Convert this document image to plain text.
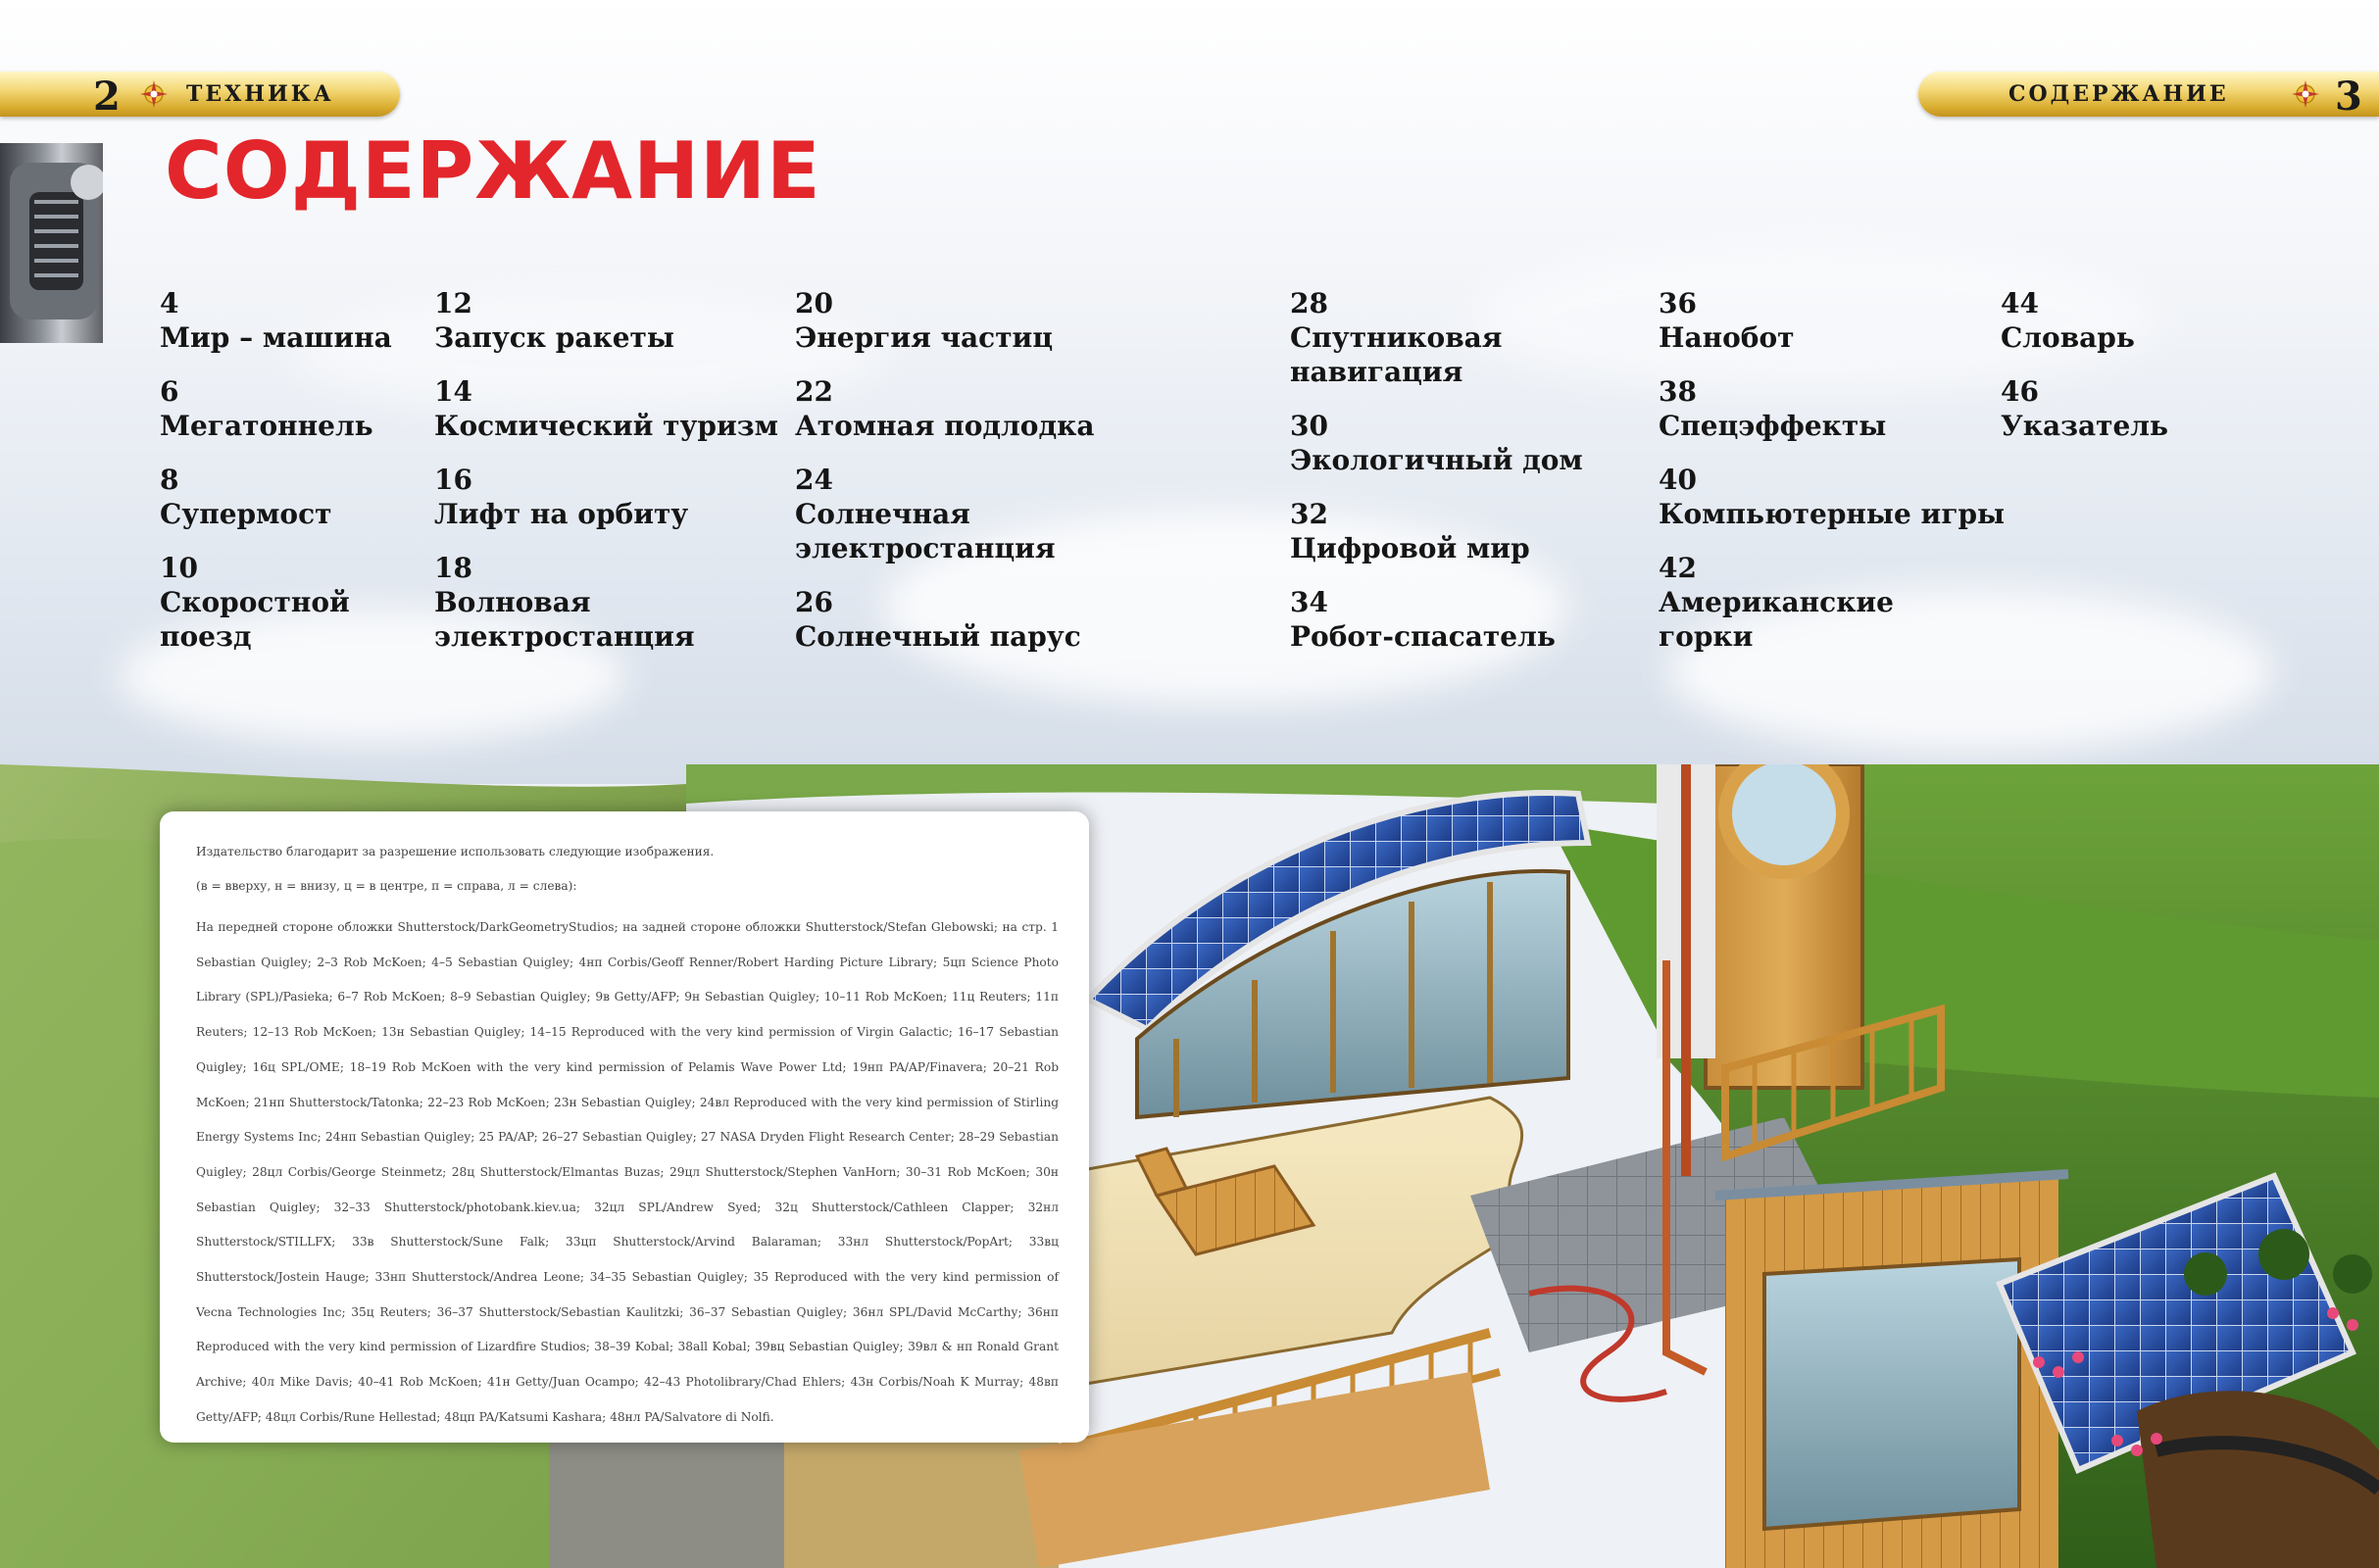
2	ТЕХНИКА	СОДЕРЖАНИЕ	3
СОДЕРЖАНИЕ
4
Мир – машина
6
Мегатоннель
8
Супермост
10
Скоростной
поезд
12
Запуск ракеты
14
Космический туризм
16
Лифт на орбиту
18
Волновая
электростанция
20
Энергия частиц
22
Атомная подлодка
24
Солнечная
электростанция
26
Солнечный парус
28
Спутниковая
навигация
30
Экологичный дом
32
Цифровой мир
34
Робот-спасатель
36
Нанобот
38
Спецэффекты
40
Компьютерные игры
42
Американские
горки
44
Словарь
46
Указатель

Издательство благодарит за разрешение использовать следующие изображения.

(в = вверху, н = внизу, ц = в центре, п = справа, л = слева):

На передней стороне обложки Shutterstock/DarkGeometryStudios; на задней стороне обложки Shutterstock/Stefan Glebowski; на стр. 1 Sebastian Quigley; 2–3 Rob McKoen; 4–5 Sebastian Quigley; 4нп Corbis/Geoff Renner/Robert Harding Picture Library; 5цп Science Photo Library (SPL)/Pasieka; 6–7 Rob McKoen; 8–9 Sebastian Quigley; 9в Getty/AFP; 9н Sebastian Quigley; 10–11 Rob McKoen; 11ц Reuters; 11п Reuters; 12–13 Rob McKoen; 13н Sebastian Quigley; 14–15 Reproduced with the very kind permission of Virgin Galactic; 16–17 Sebastian Quigley; 16ц SPL/OME; 18–19 Rob McKoen with the very kind permission of Pelamis Wave Power Ltd; 19нп PA/AP/Finavera; 20–21 Rob McKoen; 21нп Shutterstock/Tatonka; 22–23 Rob McKoen; 23н Sebastian Quigley; 24вл Reproduced with the very kind permission of Stirling Energy Systems Inc; 24нп Sebastian Quigley; 25 PA/AP; 26–27 Sebastian Quigley; 27 NASA Dryden Flight Research Center; 28–29 Sebastian Quigley; 28цл Corbis/George Steinmetz; 28ц Shutterstock/Elmantas Buzas; 29цл Shutterstock/Stephen VanHorn; 30–31 Rob McKoen; 30н Sebastian Quigley; 32–33 Shutterstock/photobank.kiev.ua; 32цл SPL/Andrew Syed; 32ц Shutterstock/Cathleen Clapper; 32нл Shutterstock/STILLFX; 33в Shutterstock/Sune Falk; 33цп Shutterstock/Arvind Balaraman; 33нл Shutterstock/PopArt; 33вц Shutterstock/Jostein Hauge; 33нп Shutterstock/Andrea Leone; 34–35 Sebastian Quigley; 35 Reproduced with the very kind permission of Vecna Technologies Inc; 35ц Reuters; 36–37 Shutterstock/Sebastian Kaulitzki; 36–37 Sebastian Quigley; 36нл SPL/David McCarthy; 36нп Reproduced with the very kind permission of Lizardfire Studios; 38–39 Kobal; 38all Kobal; 39вц Sebastian Quigley; 39вл & нп Ronald Grant Archive; 40л Mike Davis; 40–41 Rob McKoen; 41н Getty/Juan Ocampo; 42–43 Photolibrary/Chad Ehlers; 43н Corbis/Noah K Murray; 48вп Getty/AFP; 48цл Corbis/Rune Hellestad; 48цп PA/Katsumi Kashara; 48нл PA/Salvatore di Nolfi.
